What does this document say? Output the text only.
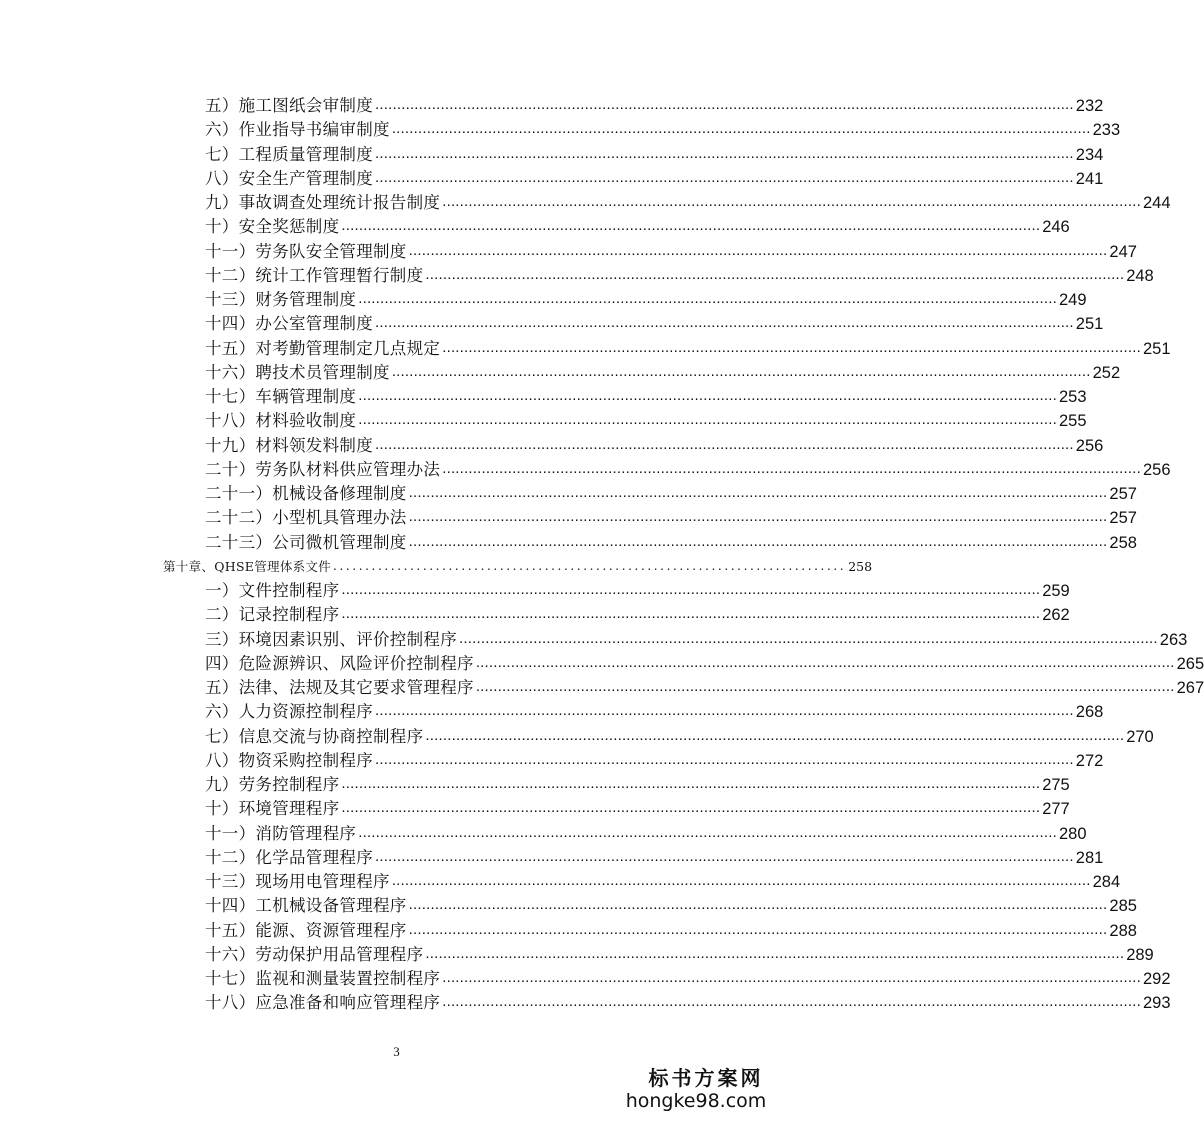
五）施工图纸会审制度 ................................................................................................................................................................ 232
六）作业指导书编审制度 ................................................................................................................................................................ 233
七）工程质量管理制度 ................................................................................................................................................................ 234
八）安全生产管理制度 ................................................................................................................................................................ 241
九）事故调查处理统计报告制度 ................................................................................................................................................................ 244
十）安全奖惩制度 ................................................................................................................................................................ 246
十一）劳务队安全管理制度 ................................................................................................................................................................ 247
十二）统计工作管理暂行制度 ................................................................................................................................................................ 248
十三）财务管理制度 ................................................................................................................................................................ 249
十四）办公室管理制度 ................................................................................................................................................................ 251
十五）对考勤管理制定几点规定 ................................................................................................................................................................ 251
十六）聘技术员管理制度 ................................................................................................................................................................ 252
十七）车辆管理制度 ................................................................................................................................................................ 253
十八）材料验收制度 ................................................................................................................................................................ 255
十九）材料领发料制度 ................................................................................................................................................................ 256
二十）劳务队材料供应管理办法 ................................................................................................................................................................ 256
二十一）机械设备修理制度 ................................................................................................................................................................ 257
二十二）小型机具管理办法 ................................................................................................................................................................ 257
二十三）公司微机管理制度 ................................................................................................................................................................ 258
第十章、QHSE管理体系文件 ................................................................................ 258
一）文件控制程序 ................................................................................................................................................................ 259
二）记录控制程序 ................................................................................................................................................................ 262
三）环境因素识别、评价控制程序 ................................................................................................................................................................ 263
四）危险源辨识、风险评价控制程序 ................................................................................................................................................................ 265
五）法律、法规及其它要求管理程序 ................................................................................................................................................................ 267
六）人力资源控制程序 ................................................................................................................................................................ 268
七）信息交流与协商控制程序 ................................................................................................................................................................ 270
八）物资采购控制程序 ................................................................................................................................................................ 272
九）劳务控制程序 ................................................................................................................................................................ 275
十）环境管理程序 ................................................................................................................................................................ 277
十一）消防管理程序 ................................................................................................................................................................ 280
十二）化学品管理程序 ................................................................................................................................................................ 281
十三）现场用电管理程序 ................................................................................................................................................................ 284
十四）工机械设备管理程序 ................................................................................................................................................................ 285
十五）能源、资源管理程序 ................................................................................................................................................................ 288
十六）劳动保护用品管理程序 ................................................................................................................................................................ 289
十七）监视和测量装置控制程序 ................................................................................................................................................................ 292
十八）应急准备和响应管理程序 ................................................................................................................................................................ 293
3
标书方案网
hongke98.com
